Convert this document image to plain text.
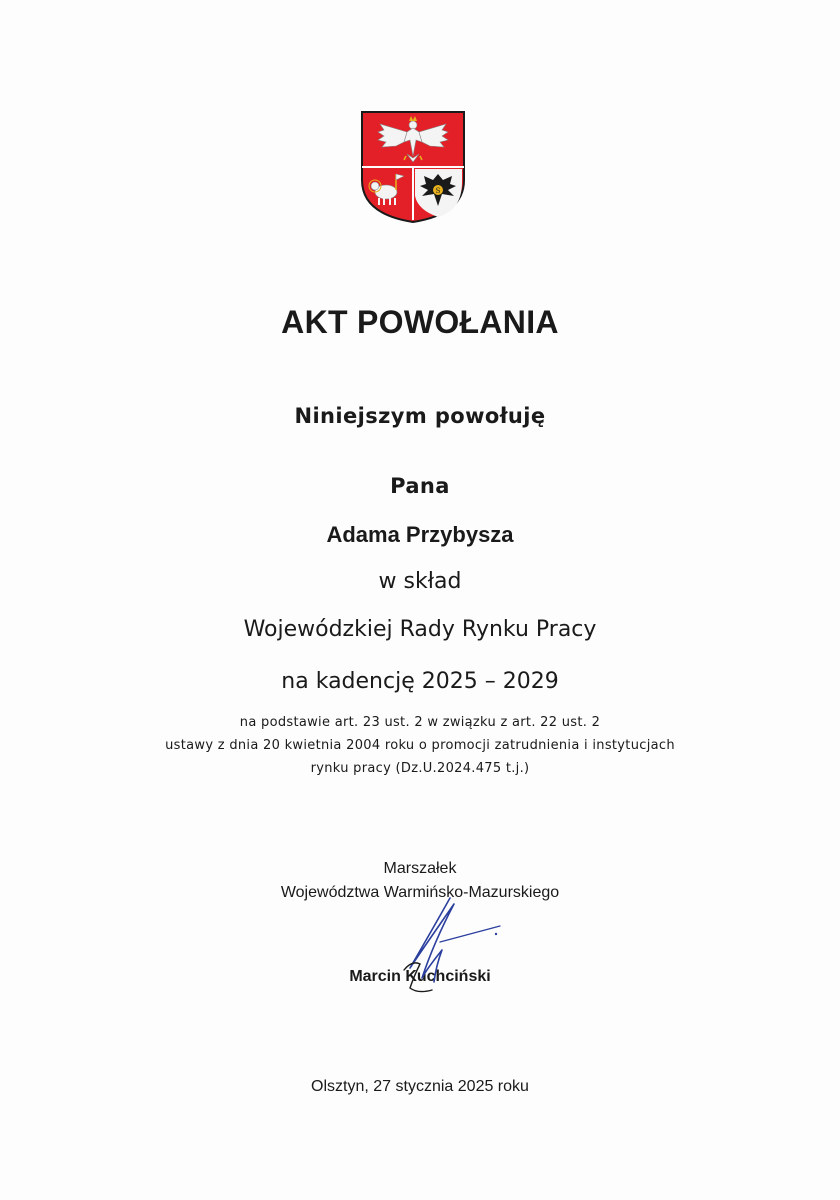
S
AKT POWOŁANIA
Niniejszym powołuję
Pana
Adama Przybysza
w skład
Wojewódzkiej Rady Rynku Pracy
na kadencję 2025 – 2029
na podstawie art. 23 ust. 2 w związku z art. 22 ust. 2
ustawy z dnia 20 kwietnia 2004 roku o promocji zatrudnienia i instytucjach
rynku pracy (Dz.U.2024.475 t.j.)
Marszałek
Województwa Warmińsko-Mazurskiego
Marcin Kuchciński
Olsztyn, 27 stycznia 2025 roku
